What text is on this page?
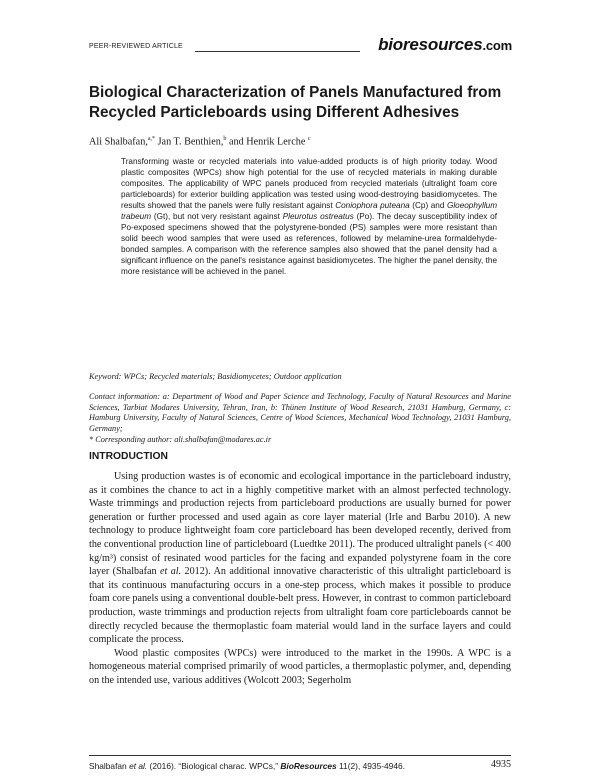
PEER-REVIEWED ARTICLE	bioresources.com
Biological Characterization of Panels Manufactured from Recycled Particleboards using Different Adhesives
Ali Shalbafan,$^{a,*}$ Jan T. Benthien,$^b$ and Henrik Lerche $^c$

Transforming waste or recycled materials into value-added products is of high priority today. Wood plastic composites (WPCs) show high potential for the use of recycled materials in making durable composites. The applicability of WPC panels produced from recycled materials (ultralight foam core particleboards) for exterior building application was tested using wood-destroying basidiomycetes. The results showed that the panels were fully resistant against Coniophora puteana (Cp) and Gloeophyllum trabeum (Gt), but not very resistant against Pleurotus ostreatus (Po). The decay susceptibility index of Po-exposed specimens showed that the polystyrene-bonded (PS) samples were more resistant than solid beech wood samples that were used as references, followed by melamine-urea formaldehyde-bonded samples. A comparison with the reference samples also showed that the panel density had a significant influence on the panel's resistance against basidiomycetes. The higher the panel density, the more resistance will be achieved in the panel.

Keyword: WPCs; Recycled materials; Basidiomycetes; Outdoor application

Contact information: a: Department of Wood and Paper Science and Technology, Faculty of Natural Resources and Marine Sciences, Tarbiat Modares University, Tehran, Iran, b: Thünen Institute of Wood Research, 21031 Hamburg, Germany, c: Hamburg University, Faculty of Natural Sciences, Centre of Wood Sciences, Mechanical Wood Technology, 21031 Hamburg, Germany;

* Corresponding author: ali.shalbafan@modares.ac.ir

INTRODUCTION

Using production wastes is of economic and ecological importance in the particleboard industry, as it combines the chance to act in a highly competitive market with an almost perfected technology. Waste trimmings and production rejects from particleboard productions are usually burned for power generation or further processed and used again as core layer material (Irle and Barbu 2010). A new technology to produce lightweight foam core particleboard has been developed recently, derived from the conventional production line of particleboard (Luedtke 2011). The produced ultralight panels (< 400 kg/m³) consist of resinated wood particles for the facing and expanded polystyrene foam in the core layer (Shalbafan et al. 2012). An additional innovative characteristic of this ultralight particleboard is that its continuous manufacturing occurs in a one-step process, which makes it possible to produce foam core panels using a conventional double-belt press. However, in contrast to common particleboard production, waste trimmings and production rejects from ultralight foam core particleboards cannot be directly recycled because the thermoplastic foam material would land in the surface layers and could complicate the process.

Wood plastic composites (WPCs) were introduced to the market in the 1990s. A WPC is a homogeneous material comprised primarily of wood particles, a thermoplastic polymer, and, depending on the intended use, various additives (Wolcott 2003; Segerholm

Shalbafan et al. (2016). “Biological charac. WPCs,” BioResources 11(2), 4935-4946.	4935
